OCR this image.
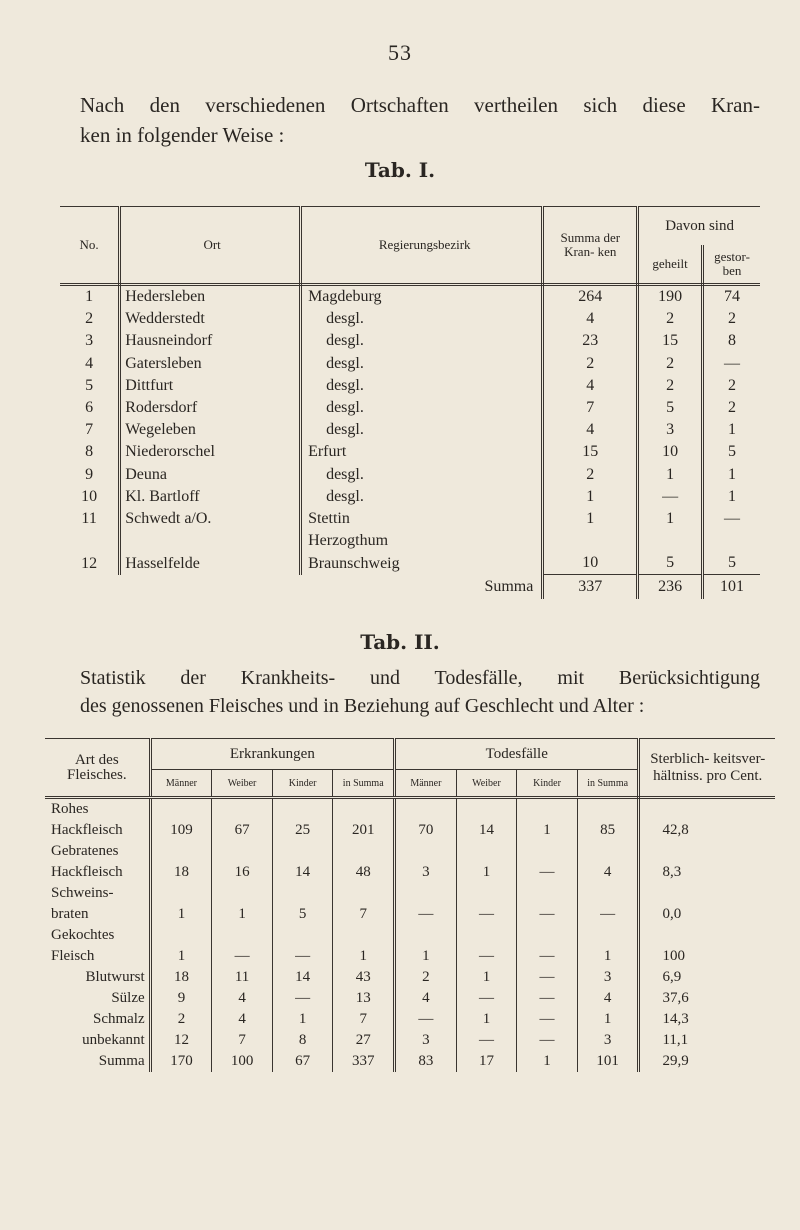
53
Nach den verschiedenen Ortschaften vertheilen sich diese Kran-
ken in folgender Weise :
Tab. I.
No.	Ort	Regierungsbezirk	Summa der Kran- ken	Davon sind	
				geheilt	gestor- ben
1	Hedersleben	Magdeburg	264	190	74
2	Wedderstedt	desgl.	4	2	2
3	Hausneindorf	desgl.	23	15	8
4	Gatersleben	desgl.	2	2	—
5	Dittfurt	desgl.	4	2	2
6	Rodersdorf	desgl.	7	5	2
7	Wegeleben	desgl.	4	3	1
8	Niederorschel	Erfurt	15	10	5
9	Deuna	desgl.	2	1	1
10	Kl. Bartloff	desgl.	1	—	1
11	Schwedt a/O.	Stettin	1	1	—
		Herzogthum			
12	Hasselfelde	Braunschweig	10	5	5
		Summa	337	236	101
Tab. II.
Statistik der Krankheits- und Todesfälle, mit Berücksichtigung
des genossenen Fleisches und in Beziehung auf Geschlecht und Alter :
Art des Fleisches.	Erkrankungen				Todesfälle				Sterblich- keitsver- hältniss. pro Cent.
	Männer	Weiber	Kinder	in Summa	Männer	Weiber	Kinder	in Summa	
Rohes									
Hackfleisch	109	67	25	201	70	14	1	85	42,8
Gebratenes									
Hackfleisch	18	16	14	48	3	1	—	4	8,3
Schweins-									
braten	1	1	5	7	—	—	—	—	0,0
Gekochtes									
Fleisch	1	—	—	1	1	—	—	1	100
Blutwurst	18	11	14	43	2	1	—	3	6,9
Sülze	9	4	—	13	4	—	—	4	37,6
Schmalz	2	4	1	7	—	1	—	1	14,3
unbekannt	12	7	8	27	3	—	—	3	11,1
Summa	170	100	67	337	83	17	1	101	29,9
